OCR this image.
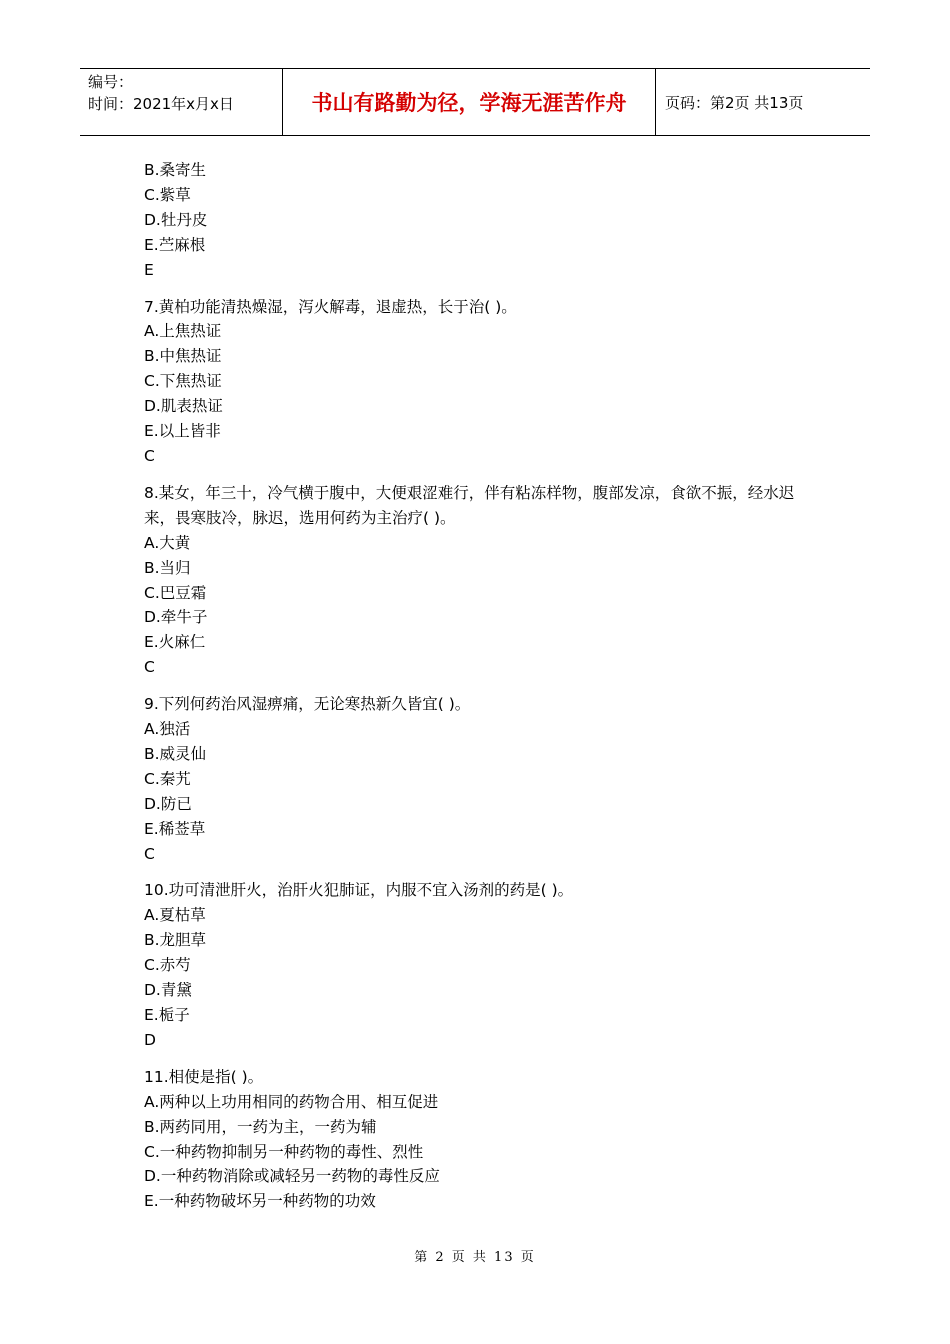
编号：
时间：2021年x月x日	书山有路勤为径，学海无涯苦作舟	页码：第2页 共13页
B.桑寄生
C.紫草
D.牡丹皮
E.苎麻根
E
7.黄柏功能清热燥湿，泻火解毒，退虚热，长于治( )。
A.上焦热证
B.中焦热证
C.下焦热证
D.肌表热证
E.以上皆非
C
8.某女，年三十，冷气横于腹中，大便艰涩难行，伴有粘冻样物，腹部发凉，食欲不振，经水迟来，畏寒肢冷，脉迟，选用何药为主治疗( )。
A.大黄
B.当归
C.巴豆霜
D.牵牛子
E.火麻仁
C
9.下列何药治风湿痹痛，无论寒热新久皆宜( )。
A.独活
B.威灵仙
C.秦艽
D.防已
E.稀莶草
C
10.功可清泄肝火，治肝火犯肺证，内服不宜入汤剂的药是( )。
A.夏枯草
B.龙胆草
C.赤芍
D.青黛
E.栀子
D
11.相使是指( )。
A.两种以上功用相同的药物合用、相互促进
B.两药同用，一药为主，一药为辅
C.一种药物抑制另一种药物的毒性、烈性
D.一种药物消除或减轻另一药物的毒性反应
E.一种药物破坏另一种药物的功效
第 2 页 共 13 页
